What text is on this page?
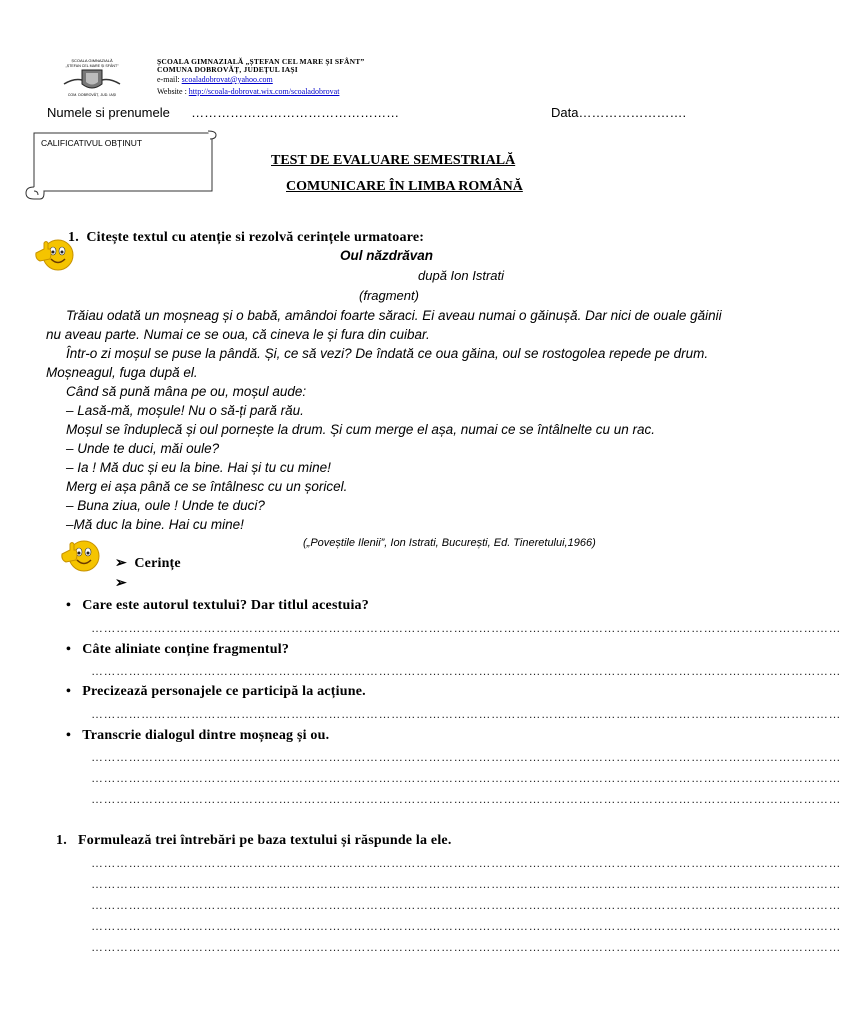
ȘCOALA GIMNAZIALĂ
„ȘTEFAN CEL MARE ȘI SFÂNT”
COM. DOBROVĂȚ, JUD. IAȘI
ȘCOALA GIMNAZIALĂ „ȘTEFAN CEL MARE ȘI SFÂNT”
COMUNA DOBROVĂȚ, JUDEȚUL IAȘI
e-mail: scoaladobrovat@yahoo.com
Website : http://scoala-dobrovat.wix.com/scoaladobrovat
Numele si prenumele …………………………………………	Data…………………….
CALIFICATIVUL OBȚINUT
TEST DE EVALUARE SEMESTRIALĂ
COMUNICARE ÎN LIMBA ROMÂNĂ
1. Citește textul cu atenție si rezolvă cerințele urmatoare:
Oul năzdrăvan
după Ion Istrati
(fragment)

Trăiau odată un moșneag și o babă, amândoi foarte săraci. Ei aveau numai o găinușă. Dar nici de ouale găinii nu aveau parte. Numai ce se oua, că cineva le și fura din cuibar.

Într-o zi moșul se puse la pândă. Și, ce să vezi? De îndată ce oua găina, oul se rostogolea repede pe drum. Moșneagul, fuga după el.

Când să pună mâna pe ou, moșul aude:

– Lasă-mă, moșule! Nu o să-ți pară rău.

Moșul se înduplecă și oul pornește la drum. Și cum merge el așa, numai ce se întâlnelte cu un rac.

– Unde te duci, măi oule?

– Ia ! Mă duc și eu la bine. Hai și tu cu mine!

Merg ei așa până ce se întâlnesc cu un șoricel.

– Buna ziua, oule ! Unde te duci?

–Mă duc la bine. Hai cu mine!

(„Poveștile Ilenii”, Ion Istrati, București, Ed. Tineretului,1966)
➢ Cerințe
➢
• Care este autorul textului? Dar titlul acestuia?
………………………………………………………………………………………………………………………………………………………………
• Câte aliniate conține fragmentul?
………………………………………………………………………………………………………………………………………………………………
• Precizează personajele ce participă la acțiune.
………………………………………………………………………………………………………………………………………………………………
• Transcrie dialogul dintre moșneag și ou.
………………………………………………………………………………………………………………………………………………………………
………………………………………………………………………………………………………………………………………………………………
………………………………………………………………………………………………………………………………………………………………
1. Formulează trei întrebări pe baza textului și răspunde la ele.
………………………………………………………………………………………………………………………………………………………………
………………………………………………………………………………………………………………………………………………………………
………………………………………………………………………………………………………………………………………………………………
………………………………………………………………………………………………………………………………………………………………
………………………………………………………………………………………………………………………………………………………………
